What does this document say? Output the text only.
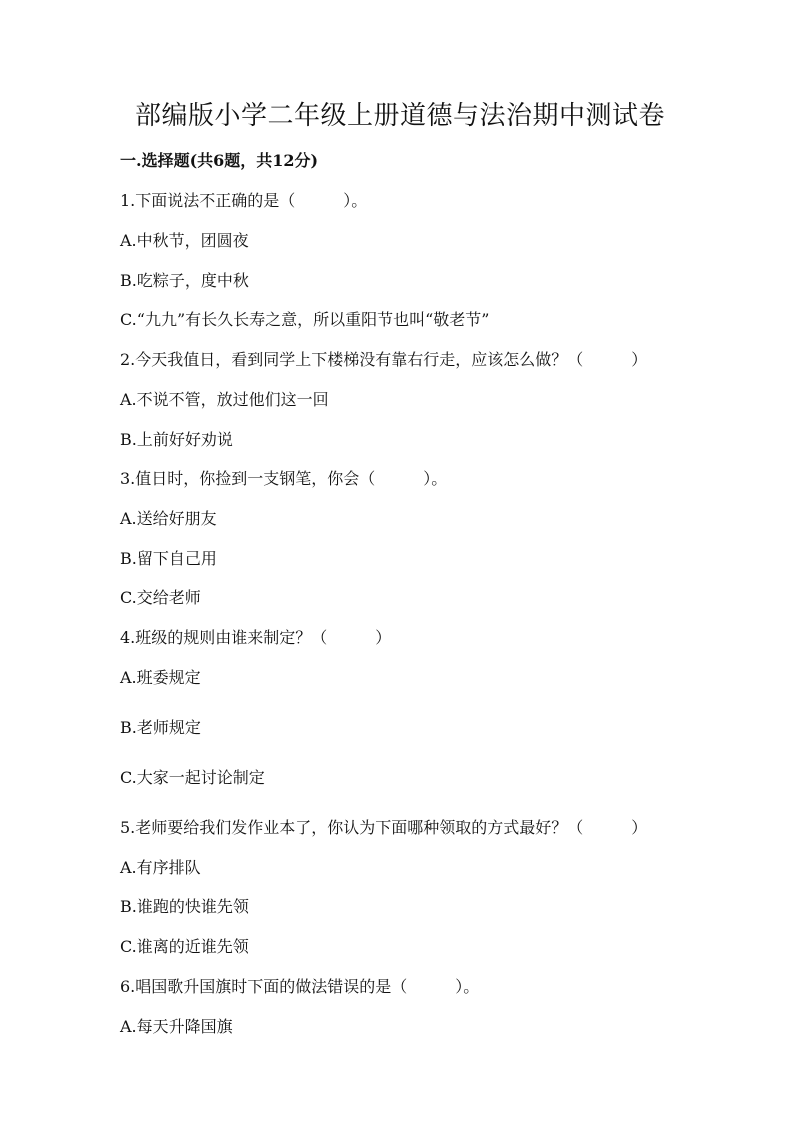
部编版小学二年级上册道德与法治期中测试卷
一.选择题(共6题，共12分)
1.下面说法不正确的是（　　　）。
A.中秋节，团圆夜
B.吃粽子，度中秋
C.“九九”有长久长寿之意，所以重阳节也叫“敬老节”
2.今天我值日，看到同学上下楼梯没有靠右行走，应该怎么做？（　　　）
A.不说不管，放过他们这一回
B.上前好好劝说
3.值日时，你捡到一支钢笔，你会（　　　）。
A.送给好朋友
B.留下自己用
C.交给老师
4.班级的规则由谁来制定？（　　　）
A.班委规定
B.老师规定
C.大家一起讨论制定
5.老师要给我们发作业本了，你认为下面哪种领取的方式最好？（　　　）
A.有序排队
B.谁跑的快谁先领
C.谁离的近谁先领
6.唱国歌升国旗时下面的做法错误的是（　　　）。
A.每天升降国旗
